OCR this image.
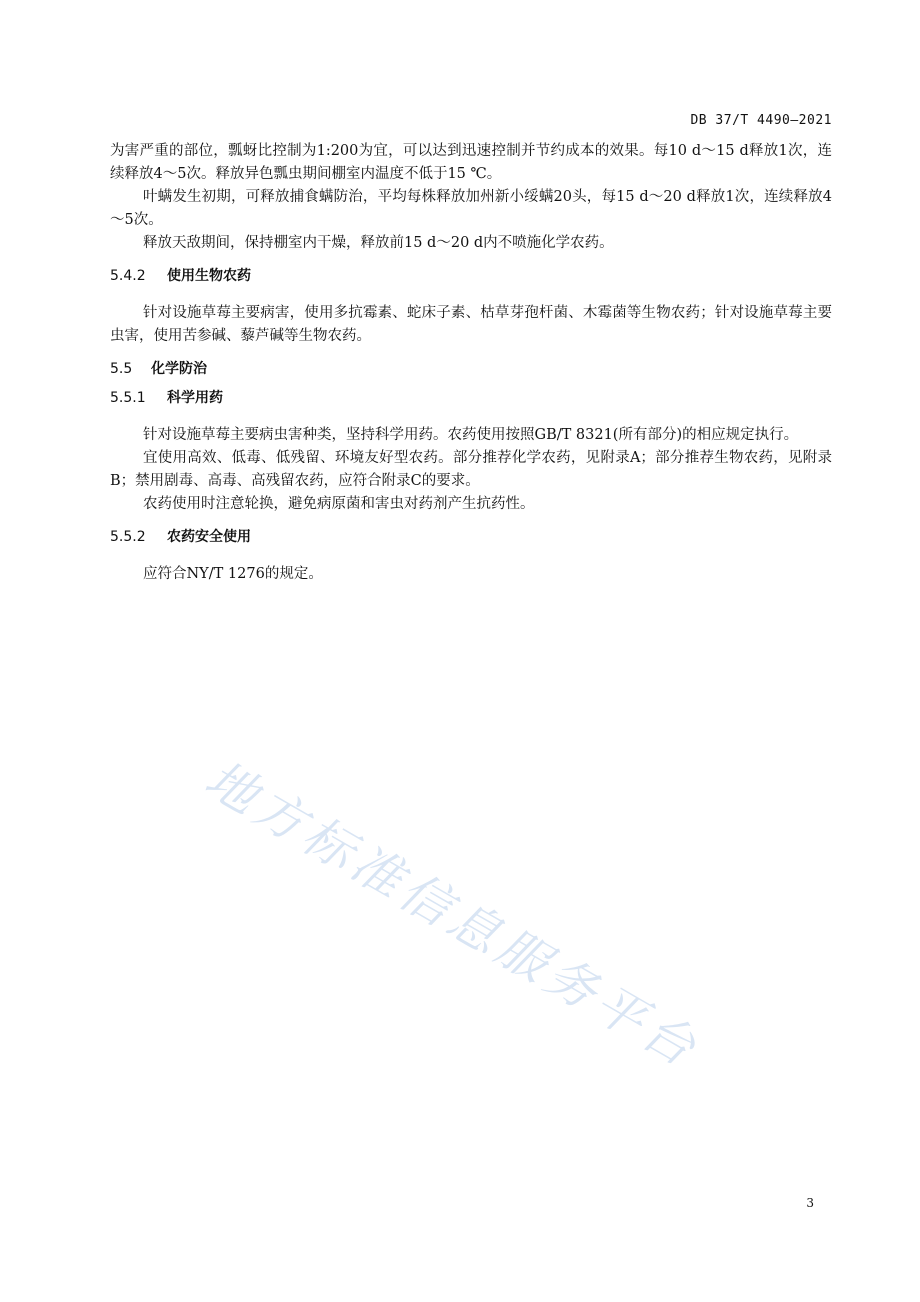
DB 37/T 4490—2021

为害严重的部位，瓢蚜比控制为1:200为宜，可以达到迅速控制并节约成本的效果。每10 d～15 d释放1次，连续释放4～5次。释放异色瓢虫期间棚室内温度不低于15 ℃。

叶螨发生初期，可释放捕食螨防治，平均每株释放加州新小绥螨20头，每15 d～20 d释放1次，连续释放4～5次。

释放天敌期间，保持棚室内干燥，释放前15 d～20 d内不喷施化学农药。

5.4.2	使用生物农药

针对设施草莓主要病害，使用多抗霉素、蛇床子素、枯草芽孢杆菌、木霉菌等生物农药；针对设施草莓主要虫害，使用苦参碱、藜芦碱等生物农药。

5.5	化学防治
5.5.1	科学用药

针对设施草莓主要病虫害种类，坚持科学用药。农药使用按照GB/T 8321(所有部分)的相应规定执行。

宜使用高效、低毒、低残留、环境友好型农药。部分推荐化学农药，见附录A；部分推荐生物农药，见附录B；禁用剧毒、高毒、高残留农药，应符合附录C的要求。

农药使用时注意轮换，避免病原菌和害虫对药剂产生抗药性。

5.5.2	农药安全使用

应符合NY/T 1276的规定。

地方标准信息服务平台
3
